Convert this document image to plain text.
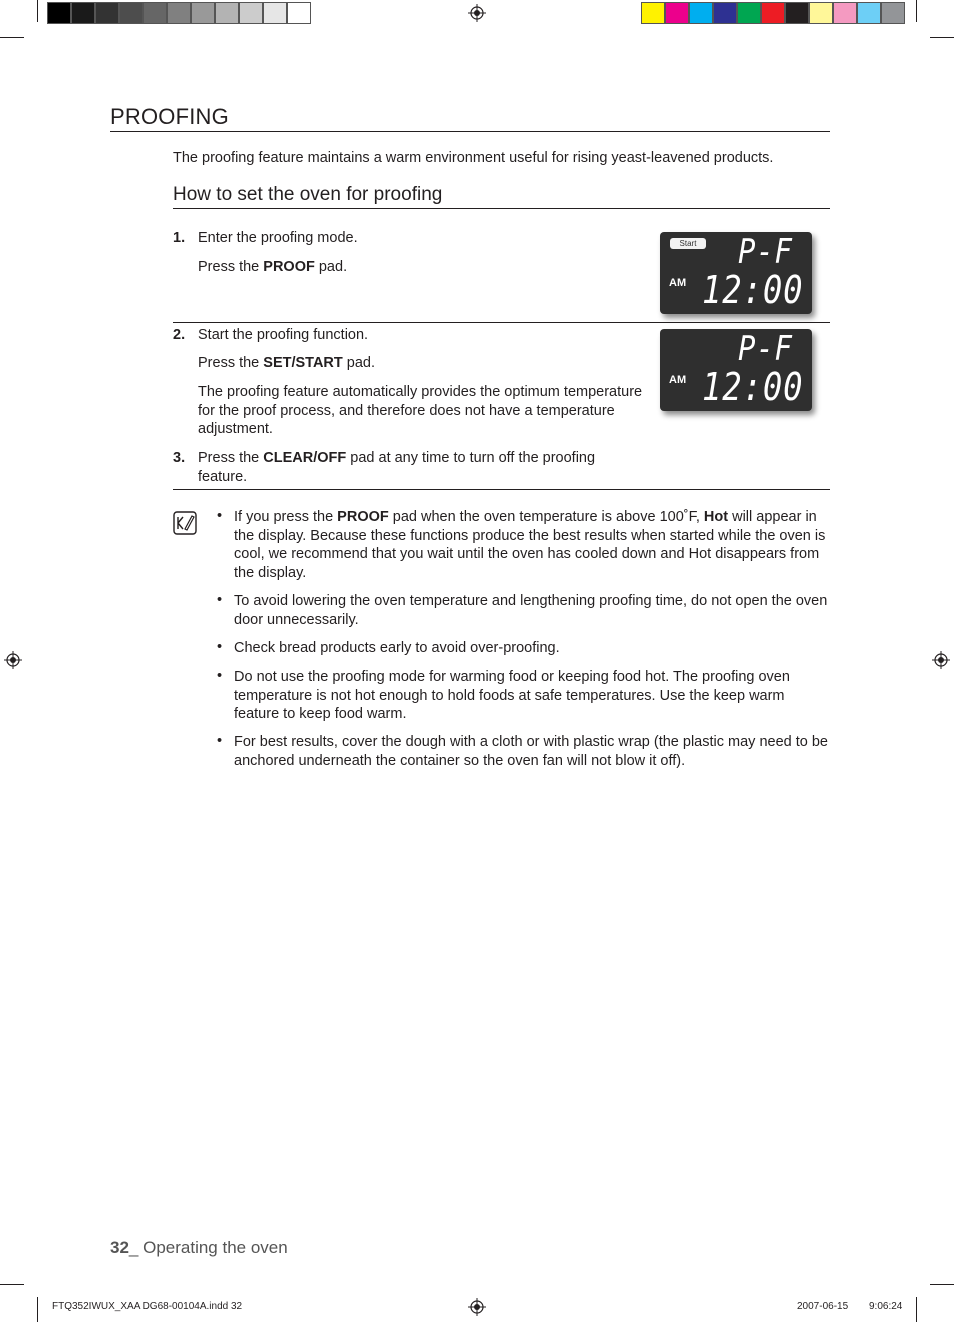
PROOFING
The proofing feature maintains a warm environment useful for rising yeast-leavened products.
How to set the oven for proofing
1. Enter the proofing mode.
Press the PROOF pad.
Start P-F
AM 12:00
2. Start the proofing function.
Press the SET/START pad.
The proofing feature automatically provides the optimum temperature for the proof process, and therefore does not have a temperature adjustment.
P-F
AM 12:00
3. Press the CLEAR/OFF pad at any time to turn off the proofing feature.
• If you press the PROOF pad when the oven temperature is above 100˚F, Hot will appear in the display. Because these functions produce the best results when started while the oven is cool, we recommend that you wait until the oven has cooled down and Hot disappears from the display.
• To avoid lowering the oven temperature and lengthening proofing time, do not open the oven door unnecessarily.
• Check bread products early to avoid over-proofing.
• Do not use the proofing mode for warming food or keeping food hot. The proofing oven temperature is not hot enough to hold foods at safe temperatures. Use the keep warm feature to keep food warm.
• For best results, cover the dough with a cloth or with plastic wrap (the plastic may need to be anchored underneath the container so the oven fan will not blow it off).
32_ Operating the oven
FTQ352IWUX_XAA DG68-00104A.indd 32	2007-06-15 9:06:24
